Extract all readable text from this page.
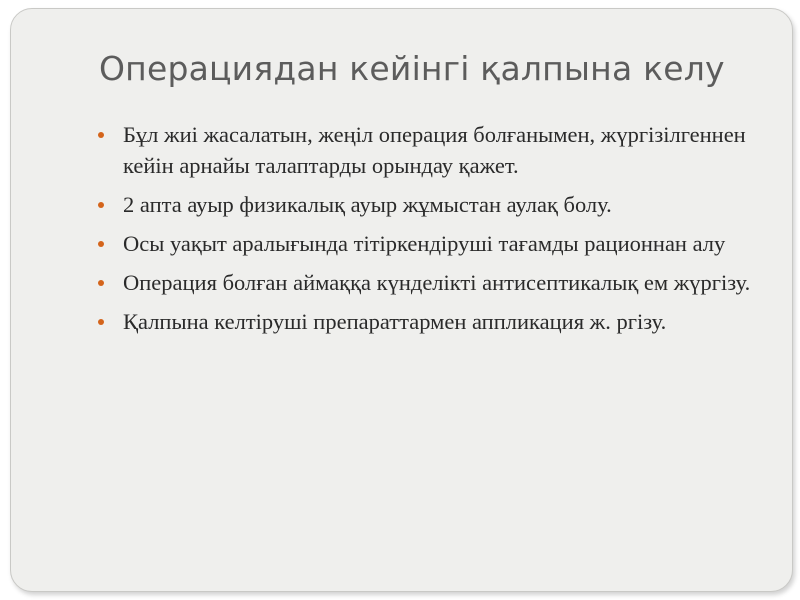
Операциядан кейінгі қалпына келу
Бұл жиі жасалатын, жеңіл операция болғанымен, жүргізілгеннен кейін арнайы талаптарды орындау қажет.
2 апта ауыр физикалық ауыр жұмыстан аулақ болу.
Осы уақыт аралығында тітіркендіруші тағамды рационнан алу
Операция болған аймаққа күнделікті антисептикалық ем жүргізу.
Қалпына келтіруші препараттармен аппликация ж. ргізу.
